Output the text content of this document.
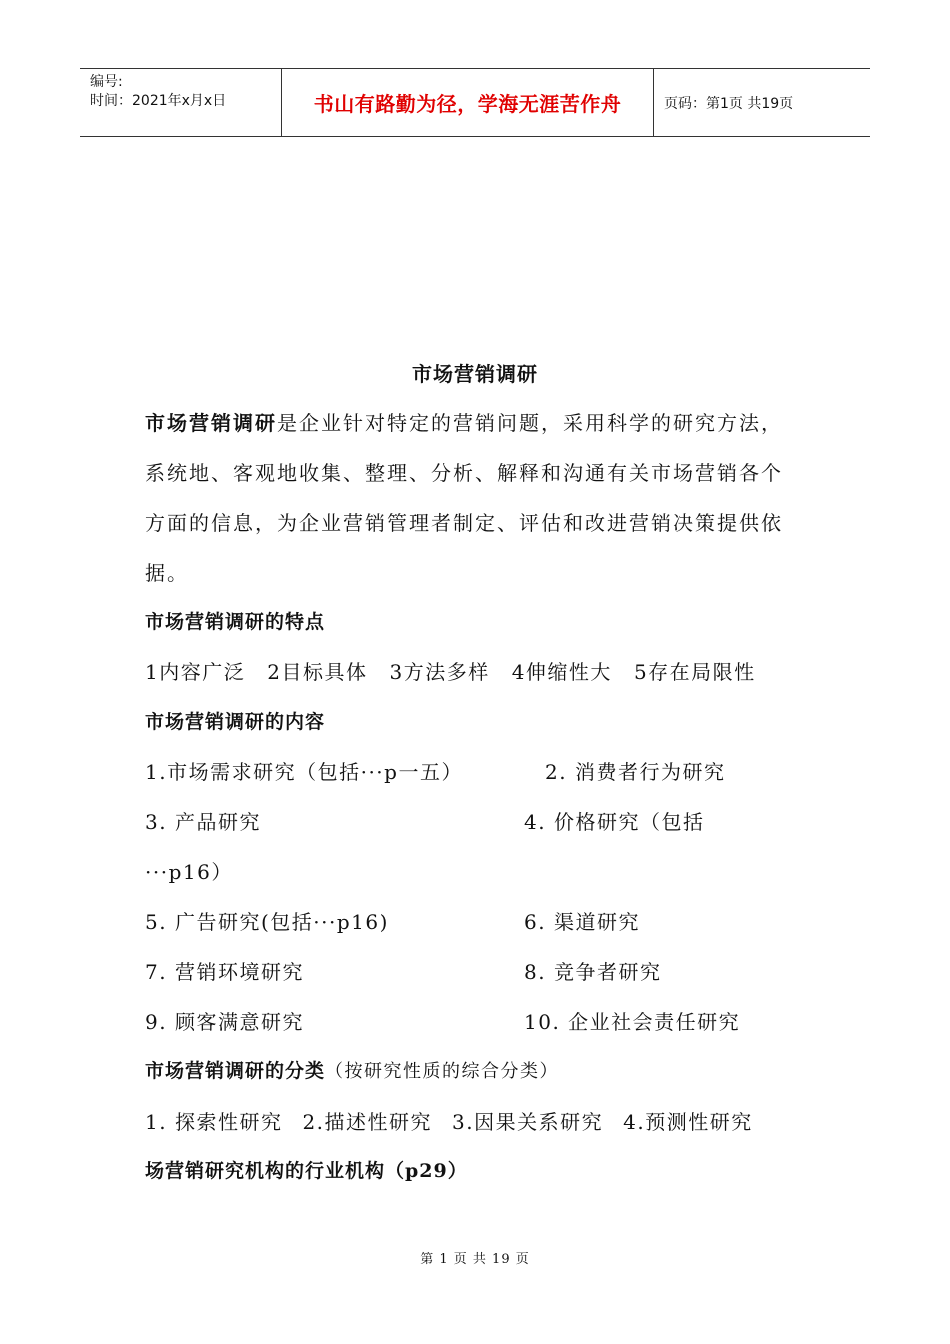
编号:
时间：2021年x月x日	书山有路勤为径，学海无涯苦作舟	页码：第1页 共19页
市场营销调研
市场营销调研是企业针对特定的营销问题，采用科学的研究方法，
系统地、客观地收集、整理、分析、解释和沟通有关市场营销各个
方面的信息，为企业营销管理者制定、评估和改进营销决策提供依
据。
市场营销调研的特点
1内容广泛 2目标具体 3方法多样 4伸缩性大 5存在局限性
市场营销调研的内容
1.市场需求研究（包括···p一五）	2. 消费者行为研究
3. 产品研究	4. 价格研究（包括
···p16）
5. 广告研究(包括···p16)	6. 渠道研究
7. 营销环境研究	8. 竞争者研究
9. 顾客满意研究	10. 企业社会责任研究
市场营销调研的分类（按研究性质的综合分类）
1. 探索性研究 2.描述性研究 3.因果关系研究 4.预测性研究
场营销研究机构的行业机构（p29）
第 1 页 共 19 页
